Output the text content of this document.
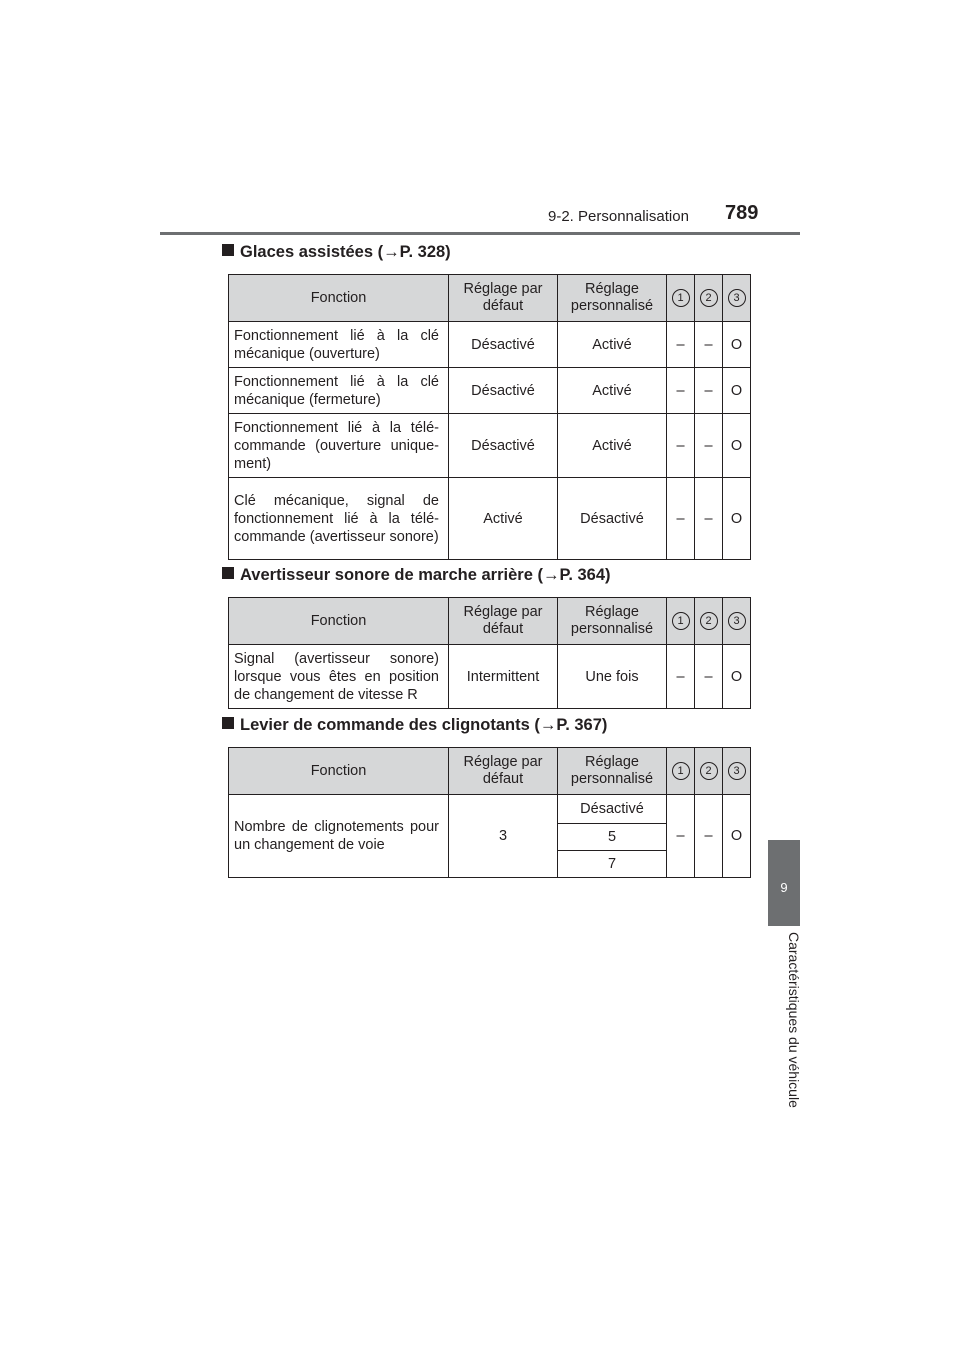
9-2. Personnalisation 789
9
Caractéristiques du véhicule
Glaces assistées (→P. 328)
Fonction	Réglage par défaut	Réglage personnalisé	1	2	3
Fonctionnement lié à la clé mécanique (ouverture)	Désactivé	Activé	–	–	O
Fonctionnement lié à la clé mécanique (fermeture)	Désactivé	Activé	–	–	O
Fonctionnement lié à la télé-commande (ouverture unique-ment)	Désactivé	Activé	–	–	O
Clé mécanique, signal de fonctionnement lié à la télé-commande (avertisseur sonore)	Activé	Désactivé	–	–	O
Avertisseur sonore de marche arrière (→P. 364)
Fonction	Réglage par défaut	Réglage personnalisé	1	2	3
Signal (avertisseur sonore) lorsque vous êtes en position de changement de vitesse R	Intermittent	Une fois	–	–	O
Levier de commande des clignotants (→P. 367)
Fonction	Réglage par défaut	Réglage personnalisé	1	2	3
Nombre de clignotements pour un changement de voie	3	Désactivé	–	–	O
		5			
		7			
